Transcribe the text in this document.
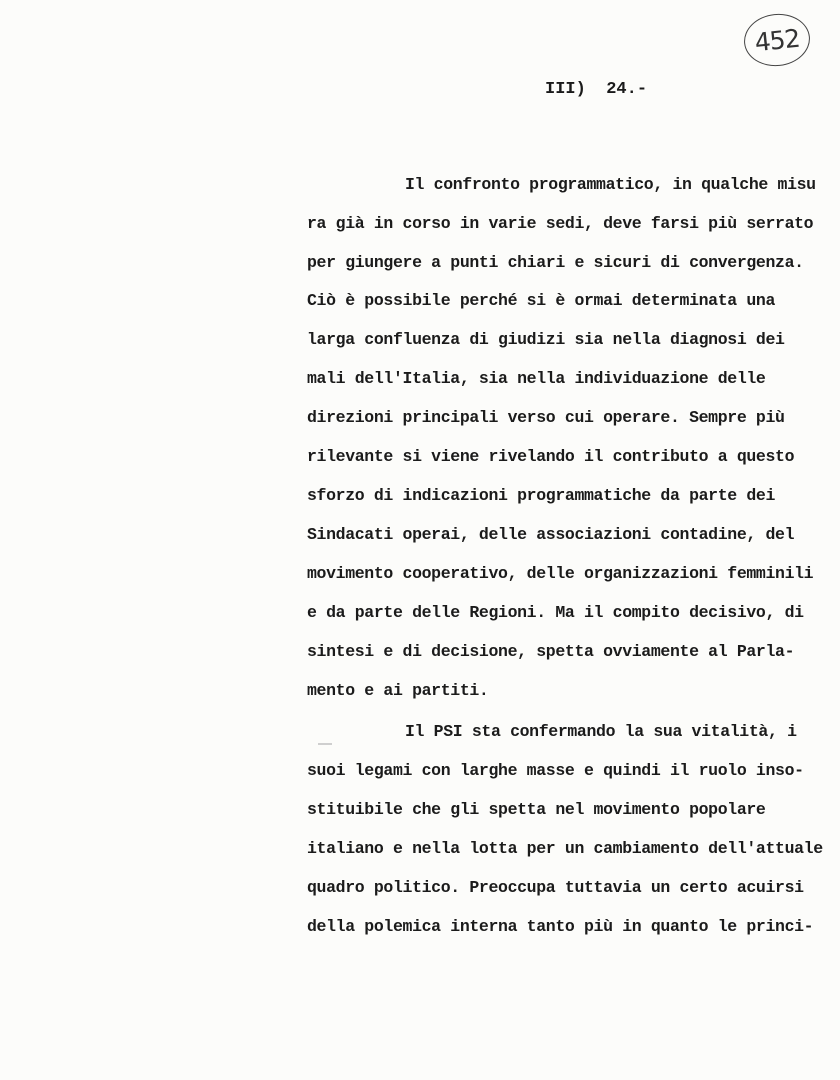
452
III)  24.-
Il confronto programmatico, in qualche misu
ra già in corso in varie sedi, deve farsi più serrato
per giungere a punti chiari e sicuri di convergenza.
Ciò è possibile perché si è ormai determinata una
larga confluenza di giudizi sia nella diagnosi dei
mali dell'Italia, sia nella individuazione delle
direzioni principali verso cui operare. Sempre più
rilevante si viene rivelando il contributo a questo
sforzo di indicazioni programmatiche da parte dei
Sindacati operai, delle associazioni contadine, del
movimento cooperativo, delle organizzazioni femminili
e da parte delle Regioni. Ma il compito decisivo, di
sintesi e di decisione, spetta ovviamente al Parla-
mento e ai partiti.
Il PSI sta confermando la sua vitalità, i
suoi legami con larghe masse e quindi il ruolo inso-
stituibile che gli spetta nel movimento popolare
italiano e nella lotta per un cambiamento dell'attuale
quadro politico. Preoccupa tuttavia un certo acuirsi
della polemica interna tanto più in quanto le princi-
